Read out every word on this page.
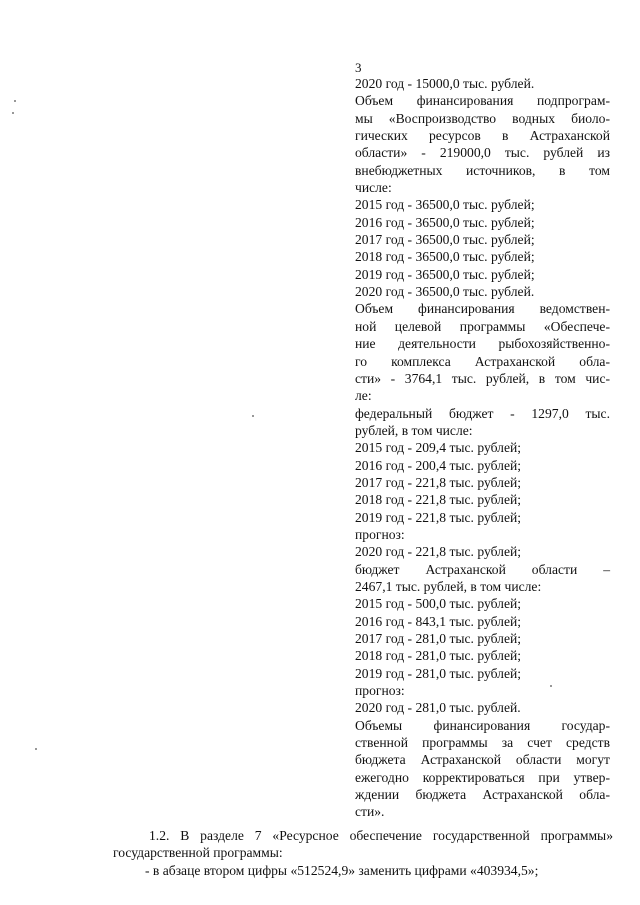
3
2020 год - 15000,0 тыс. рублей.
Объем финансирования подпрограм-
мы «Воспроизводство водных биоло-
гических ресурсов в Астраханской
области» - 219000,0 тыс. рублей из
внебюджетных источников, в том
числе:
2015 год - 36500,0 тыс. рублей;
2016 год - 36500,0 тыс. рублей;
2017 год - 36500,0 тыс. рублей;
2018 год - 36500,0 тыс. рублей;
2019 год - 36500,0 тыс. рублей;
2020 год - 36500,0 тыс. рублей.
Объем финансирования ведомствен-
ной целевой программы «Обеспече-
ние деятельности рыбохозяйственно-
го комплекса Астраханской обла-
сти» - 3764,1 тыс. рублей, в том чис-
ле:
федеральный бюджет - 1297,0 тыс.
рублей, в том числе:
2015 год - 209,4 тыс. рублей;
2016 год - 200,4 тыс. рублей;
2017 год - 221,8 тыс. рублей;
2018 год - 221,8 тыс. рублей;
2019 год - 221,8 тыс. рублей;
прогноз:
2020 год - 221,8 тыс. рублей;
бюджет Астраханской области –
2467,1 тыс. рублей, в том числе:
2015 год - 500,0 тыс. рублей;
2016 год - 843,1 тыс. рублей;
2017 год - 281,0 тыс. рублей;
2018 год - 281,0 тыс. рублей;
2019 год - 281,0 тыс. рублей;
прогноз:
2020 год - 281,0 тыс. рублей.
Объемы финансирования государ-
ственной программы за счет средств
бюджета Астраханской области могут
ежегодно корректироваться при утвер-
ждении бюджета Астраханской обла-
сти».
1.2. В разделе 7 «Ресурсное обеспечение государственной программы»
государственной программы:
- в абзаце втором цифры «512524,9» заменить цифрами «403934,5»;
